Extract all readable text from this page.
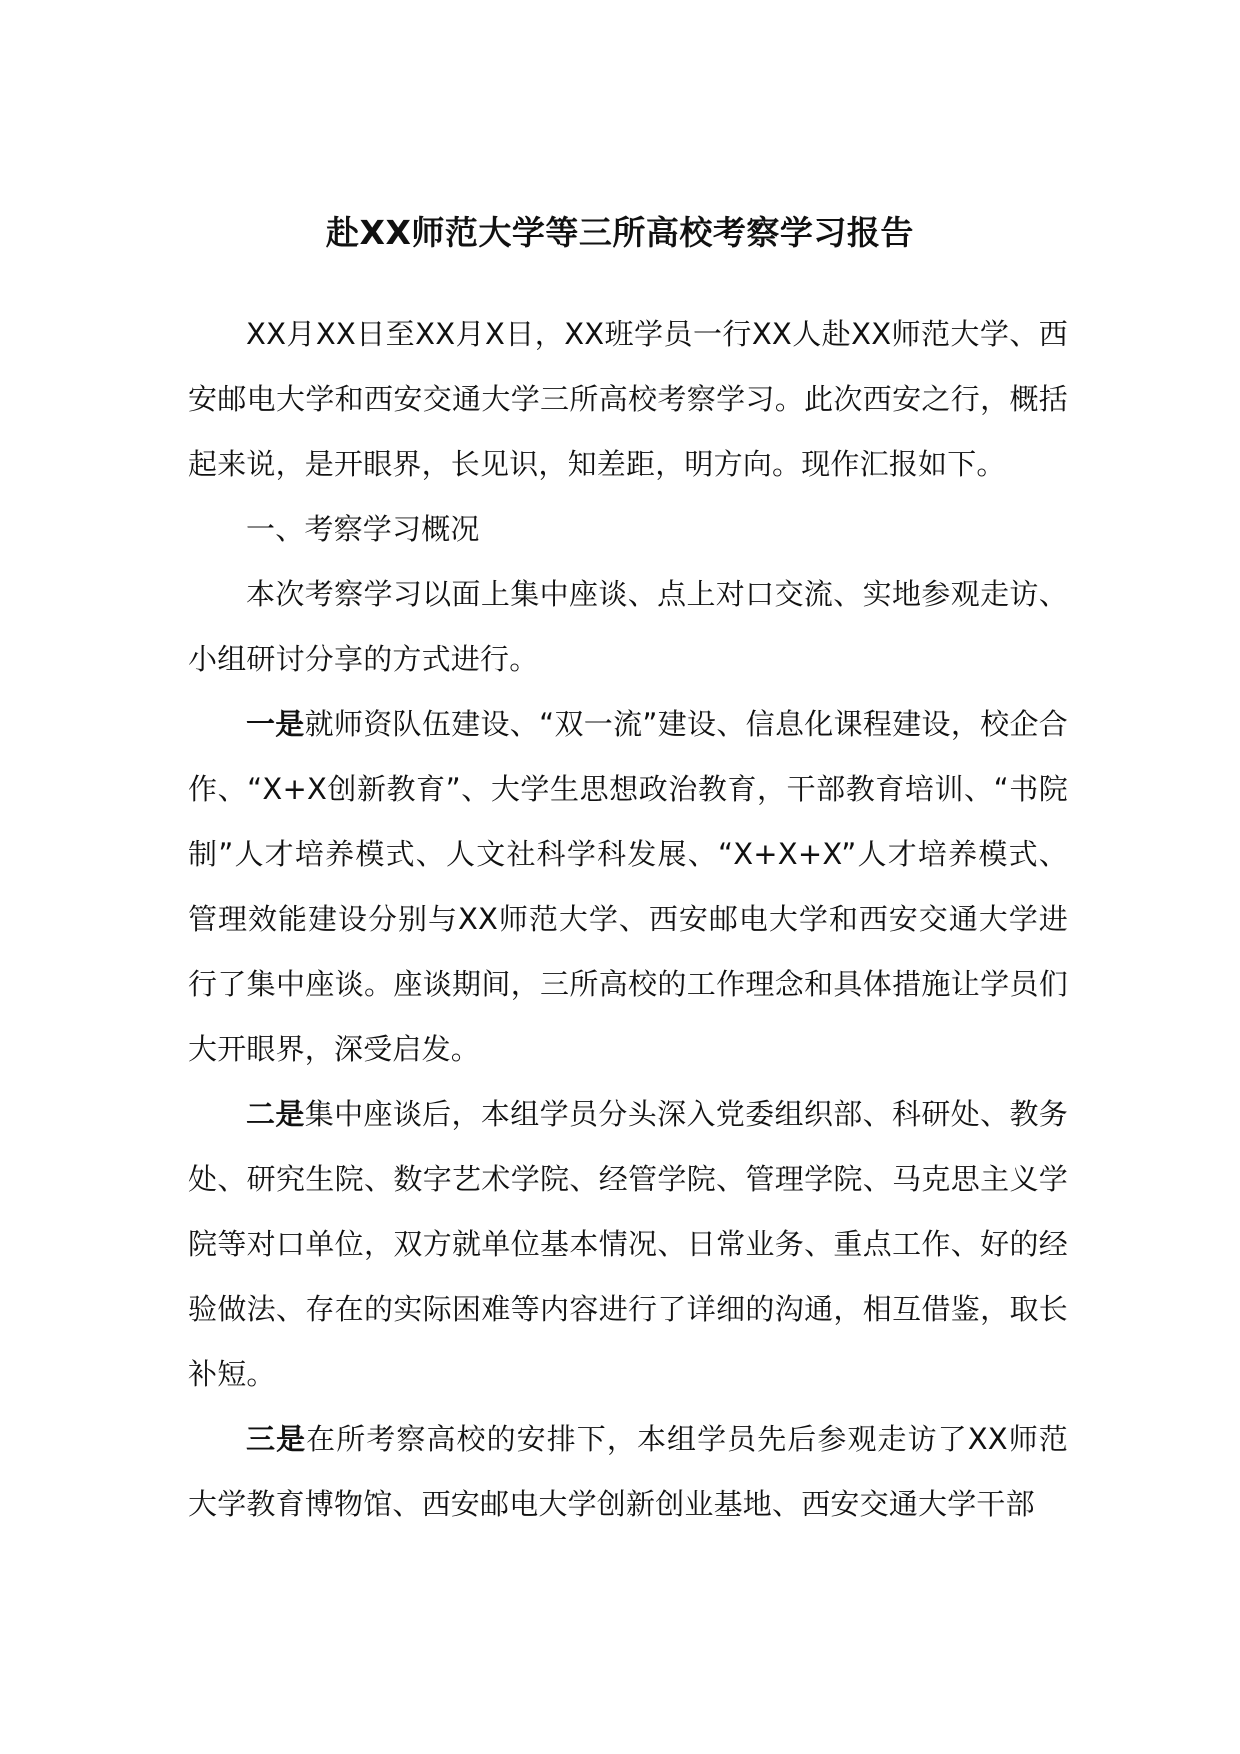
赴XX师范大学等三所高校考察学习报告

XX月XX日至XX月X日，XX班学员一行XX人赴XX师范大学、西安邮电大学和西安交通大学三所高校考察学习。此次西安之行，概括起来说，是开眼界，长见识，知差距，明方向。现作汇报如下。

一、考察学习概况

本次考察学习以面上集中座谈、点上对口交流、实地参观走访、小组研讨分享的方式进行。

一是就师资队伍建设、“双一流”建设、信息化课程建设，校企合作、“X+X创新教育”、大学生思想政治教育，干部教育培训、“书院制”人才培养模式、人文社科学科发展、“X+X+X”人才培养模式、管理效能建设分别与XX师范大学、西安邮电大学和西安交通大学进行了集中座谈。座谈期间，三所高校的工作理念和具体措施让学员们大开眼界，深受启发。

二是集中座谈后，本组学员分头深入党委组织部、科研处、教务处、研究生院、数字艺术学院、经管学院、管理学院、马克思主义学院等对口单位，双方就单位基本情况、日常业务、重点工作、好的经验做法、存在的实际困难等内容进行了详细的沟通，相互借鉴，取长补短。

三是在所考察高校的安排下，本组学员先后参观走访了XX师范大学教育博物馆、西安邮电大学创新创业基地、西安交通大学干部
